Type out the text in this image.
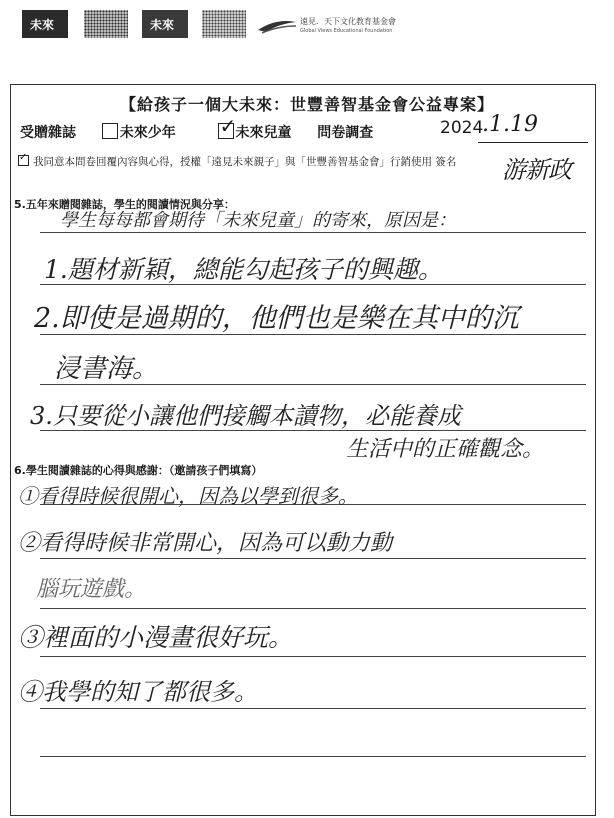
未來	未來	遠見．天下文化教育基金會
Global Views Educational Foundation
【給孩子一個大未來：世豐善智基金會公益專案】
受贈雜誌	未來少年 ✓ 未來兒童 問卷調查	2024
.1.19
✓我同意本問卷回覆內容與心得，授權「遠見未來親子」與「世豐善智基金會」行銷使用 簽名 游新政
5.五年來贈閱雜誌，學生的閱讀情況與分享：
學生每每都會期待「未來兒童」的寄來，原因是：
1.題材新穎，總能勾起孩子的興趣。
2.即使是過期的，他們也是樂在其中的沉
浸書海。
3.只要從小讓他們接觸本讀物，必能養成
生活中的正確觀念。
6.學生閱讀雜誌的心得與感謝：（邀請孩子們填寫）
①看得時候很開心，因為以學到很多。
②看得時候非常開心，因為可以動力動
腦玩遊戲。
③裡面的小漫畫很好玩。
④我學的知了都很多。
